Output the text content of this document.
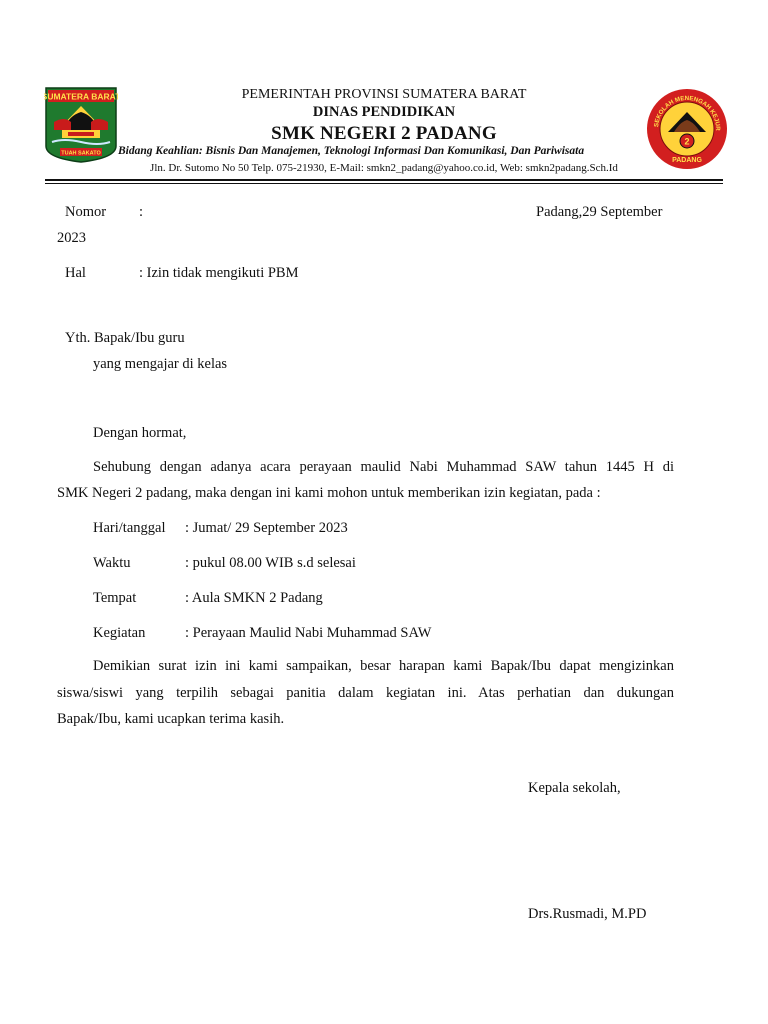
SUMATERA BARAT
TUAH SAKATO
SEKOLAH MENENGAH KEJUR
2
PADANG
PEMERINTAH PROVINSI SUMATERA BARAT
DINAS PENDIDIKAN
SMK NEGERI 2 PADANG
Bidang Keahlian: Bisnis Dan Manajemen, Teknologi Informasi Dan Komunikasi, Dan Pariwisata
Jln. Dr. Sutomo No 50 Telp. 075-21930, E-Mail: smkn2_padang@yahoo.co.id, Web: smkn2padang.Sch.Id
Nomor :	Padang,29 September
2023
Hal	: Izin tidak mengikuti PBM
Yth. Bapak/Ibu guru
yang mengajar di kelas
Dengan hormat,
Sehubung dengan adanya acara perayaan maulid Nabi Muhammad SAW tahun 1445 H di
SMK Negeri 2 padang, maka dengan ini kami mohon untuk memberikan izin kegiatan, pada :
Hari/tanggal : Jumat/ 29 September 2023
Waktu	: pukul 08.00 WIB s.d selesai
Tempat	: Aula SMKN 2 Padang
Kegiatan	: Perayaan Maulid Nabi Muhammad SAW
Demikian surat izin ini kami sampaikan, besar harapan kami Bapak/Ibu dapat mengizinkan
siswa/siswi yang terpilih sebagai panitia dalam kegiatan ini. Atas perhatian dan dukungan
Bapak/Ibu, kami ucapkan terima kasih.
Kepala sekolah,
Drs.Rusmadi, M.PD
